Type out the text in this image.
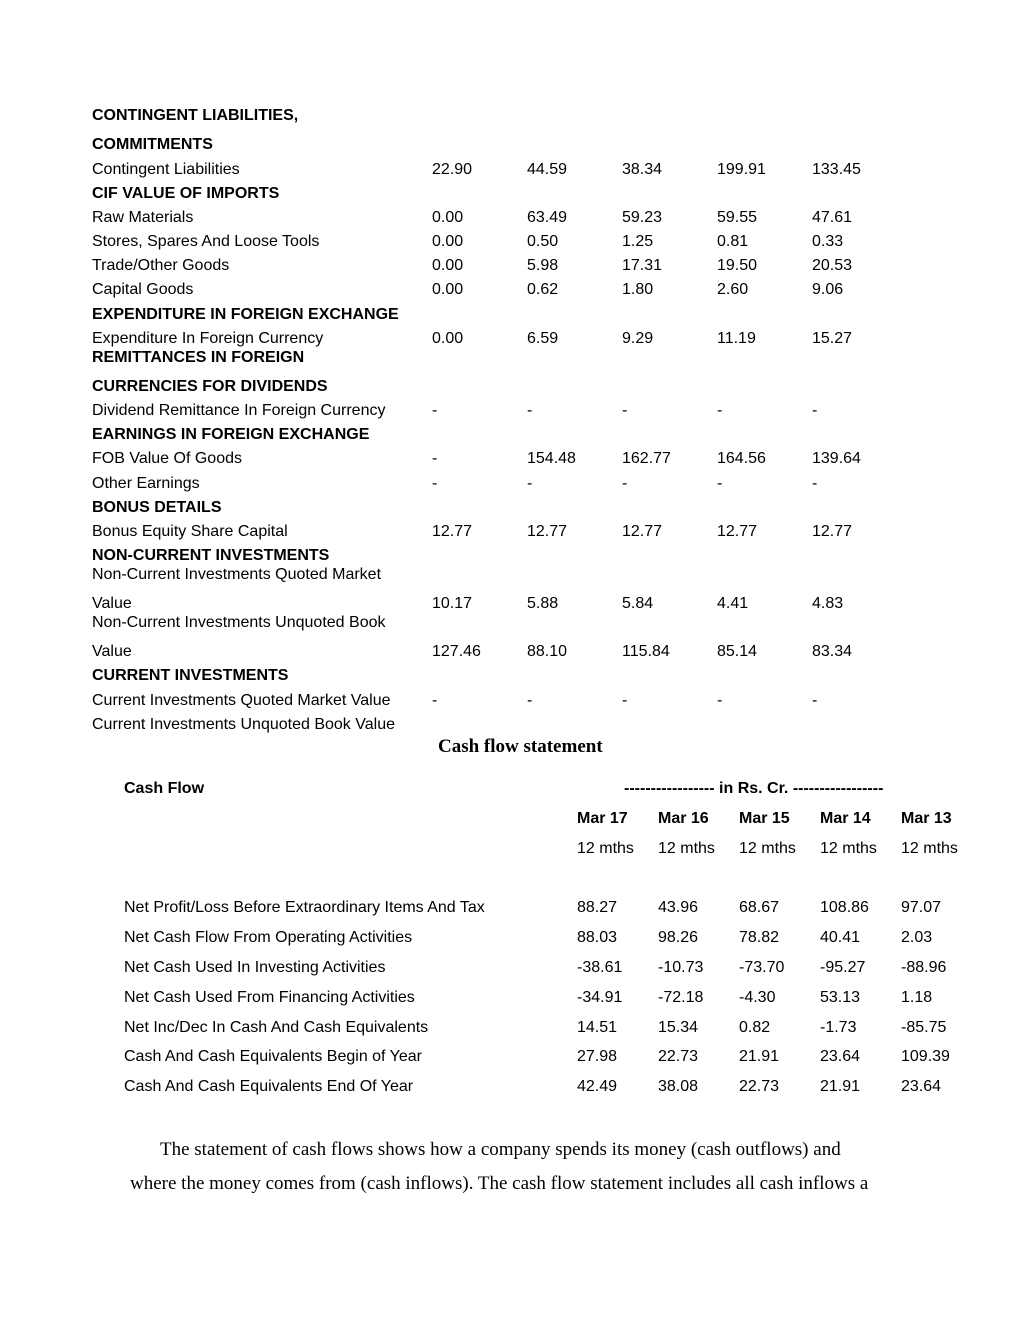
CONTINGENT LIABILITIES,
COMMITMENTS
Contingent Liabilities	22.90	44.59	38.34	199.91	133.45
CIF VALUE OF IMPORTS
Raw Materials	0.00	63.49	59.23	59.55	47.61
Stores, Spares And Loose Tools	0.00	0.50	1.25	0.81	0.33
Trade/Other Goods	0.00	5.98	17.31	19.50	20.53
Capital Goods	0.00	0.62	1.80	2.60	9.06
EXPENDITURE IN FOREIGN EXCHANGE
Expenditure In Foreign Currency	0.00	6.59	9.29	11.19	15.27
REMITTANCES IN FOREIGN
CURRENCIES FOR DIVIDENDS
Dividend Remittance In Foreign Currency	-	-	-	-	-
EARNINGS IN FOREIGN EXCHANGE
FOB Value Of Goods	-	154.48	162.77	164.56	139.64
Other Earnings	-	-	-	-	-
BONUS DETAILS
Bonus Equity Share Capital	12.77	12.77	12.77	12.77	12.77
NON-CURRENT INVESTMENTS
Non-Current Investments Quoted Market
Value	10.17	5.88	5.84	4.41	4.83
Non-Current Investments Unquoted Book
Value	127.46	88.10	115.84	85.14	83.34
CURRENT INVESTMENTS
Current Investments Quoted Market Value	-	-	-	-	-
Current Investments Unquoted Book Value
Cash flow statement
Cash Flow	----------------- in Rs. Cr. -----------------
Mar 17 Mar 16 Mar 15 Mar 14 Mar 13
12 mths 12 mths 12 mths 12 mths 12 mths
Net Profit/Loss Before Extraordinary Items And Tax	88.27	43.96	68.67	108.86 97.07
Net Cash Flow From Operating Activities	88.03	98.26	78.82	40.41	2.03
Net Cash Used In Investing Activities	-38.61 -10.73 -73.70 -95.27 -88.96
Net Cash Used From Financing Activities	-34.91 -72.18 -4.30	53.13	1.18
Net Inc/Dec In Cash And Cash Equivalents	14.51	15.34	0.82	-1.73	-85.75
Cash And Cash Equivalents Begin of Year	27.98	22.73	21.91	23.64	109.39
Cash And Cash Equivalents End Of Year	42.49	38.08	22.73	21.91	23.64
The statement of cash flows shows how a company spends its money (cash outflows) and
where the money comes from (cash inflows). The cash flow statement includes all cash inflows a
